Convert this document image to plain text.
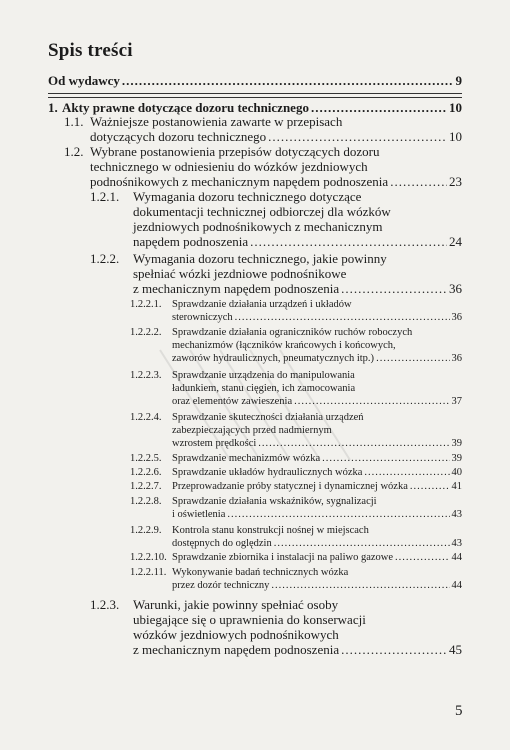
Spis treści
Od wydawcy .....	9
1. Akty prawne dotyczące dozoru technicznego .....	10
1.1. Ważniejsze postanowienia zawarte w przepisach
dotyczących dozoru technicznego .....	10
1.2. Wybrane postanowienia przepisów dotyczących dozoru
technicznego w odniesieniu do wózków jezdniowych
podnośnikowych z mechanicznym napędem podnoszenia .....	23
1.2.1. Wymagania dozoru technicznego dotyczące
dokumentacji technicznej odbiorczej dla wózków
jezdniowych podnośnikowych z mechanicznym
napędem podnoszenia .....	24
1.2.2. Wymagania dozoru technicznego, jakie powinny
spełniać wózki jezdniowe podnośnikowe
z mechanicznym napędem podnoszenia .....	36
1.2.2.1. Sprawdzanie działania urządzeń i układów
sterowniczych .....	36
1.2.2.2. Sprawdzanie działania ograniczników ruchów roboczych
mechanizmów (łączników krańcowych i końcowych,
zaworów hydraulicznych, pneumatycznych itp.) .....	36
1.2.2.3. Sprawdzanie urządzenia do manipulowania
ładunkiem, stanu cięgien, ich zamocowania
oraz elementów zawieszenia .....	37
1.2.2.4. Sprawdzanie skuteczności działania urządzeń
zabezpieczających przed nadmiernym
wzrostem prędkości .....	39
1.2.2.5. Sprawdzanie mechanizmów wózka .....	39
1.2.2.6. Sprawdzanie układów hydraulicznych wózka .....	40
1.2.2.7. Przeprowadzanie próby statycznej i dynamicznej wózka .....	41
1.2.2.8. Sprawdzanie działania wskaźników, sygnalizacji
i oświetlenia .....	43
1.2.2.9. Kontrola stanu konstrukcji nośnej w miejscach
dostępnych do oględzin .....	43
1.2.2.10. Sprawdzanie zbiornika i instalacji na paliwo gazowe .....	44
1.2.2.11. Wykonywanie badań technicznych wózka
przez dozór techniczny .....	44
1.2.3. Warunki, jakie powinny spełniać osoby
ubiegające się o uprawnienia do konserwacji
wózków jezdniowych podnośnikowych
z mechanicznym napędem podnoszenia .....	45
5
